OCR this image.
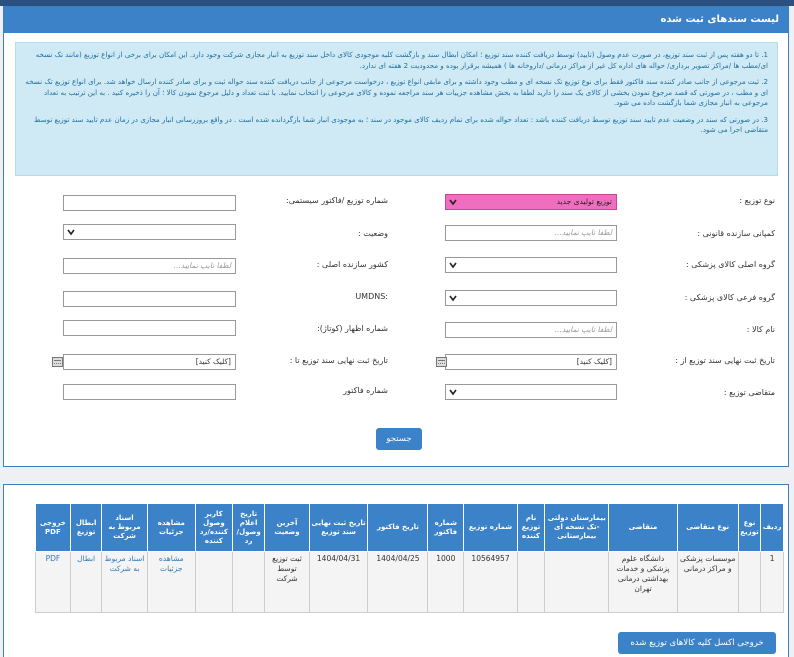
لیست سندهای ثبت شده

1. تا دو هفته پس از ثبت سند توزیع، در صورت عدم وصول (تایید) توسط دریافت کننده سند توزیع ؛ امکان ابطال سند و بازگشت کلیه موجودی کالای داخل سند توزیع به انبار مجازی شرکت وجود دارد. این امکان برای برخی از انواع توزیع (مانند تک نسخه ای/مطب ها /مراکز تصویر برداری/ حواله های اداره کل غیر از مراکز درمانی /داروخانه ها ) همیشه برقرار بوده و محدودیت 2 هفته ای ندارد.

2. ثبت مرجوعی از جانب صادر کننده سند فاکتور فقط برای نوع توزیع تک نسخه ای و مطب وجود داشته و برای مابقی انواع توزیع ، درخواست مرجوعی از جانب دریافت کننده سند حواله ثبت و برای صادر کننده ارسال خواهد شد. برای انواع توزیع تک نسخه ای و مطب ، در صورتی که قصد مرجوع نمودن بخشی از کالای یک سند را دارید لطفا به بخش مشاهده جزییات هر سند مراجعه نموده و کالای مرجوعی را انتخاب نمایید. با ثبت تعداد و دلیل مرجوع نمودن کالا ؛ آن را ذخیره کنید . به این ترتیب به تعداد مرجوعی به انبار مجازی شما بازگشت داده می شود.

3. در صورتی که سند در وضعیت عدم تایید سند توزیع توسط دریافت کننده باشد : تعداد حواله شده برای تمام ردیف کالای موجود در سند ؛ به موجودی انبار شما بازگردانده شده است . در واقع بروزرسانی انبار مجازی در زمان عدم تایید سند توزیع توسط متقاضی اجرا می شود.

نوع توزیع :
توزیع تولیدی جدید
شماره توزیع /فاکتور سیستمی:
کمپانی سازنده قانونی :
لطفا تایپ نمایید...
وضعیت :
گروه اصلی کالای پزشکی :
کشور سازنده اصلی :
لطفا تایپ نمایید...
گروه فرعی کالای پزشکی :
UMDNS:
نام کالا :
لطفا تایپ نمایید...
شماره اظهار (کوتاژ):
تاریخ ثبت نهایی سند توزیع از :
[کلیک کنید]
تاریخ ثبت نهایی سند توزیع تا :
[کلیک کنید]
متقاضی توزیع :
شماره فاکتور
جستجو
ردیف	نوع توزیع	نوع متقاضی	متقاضی	بیمارستان دولتی -تک نسخه ای بیمارستانی	نام توزیع کننده	شماره توزیع	شماره فاکتور	تاریخ فاکتور	تاریخ ثبت نهایی سند توزیع	آخرین وضعیت	تاریخ اعلام وصول/رد	کاربر وصول کننده/رد کننده	مشاهده جزئیات	اسناد مربوط به شرکت	ابطال توزیع	خروجی PDF
1		موسسات پزشکی و مراکز درمانی	دانشگاه علوم پزشکی و خدمات بهداشتی درمانی تهران			10564957	1000	1404/04/25	1404/04/31	ثبت توزیع توسط شرکت			مشاهده جزئیات	اسناد مربوط به شرکت	ابطال	PDF
خروجی اکسل کلیه کالاهای توزیع شده
